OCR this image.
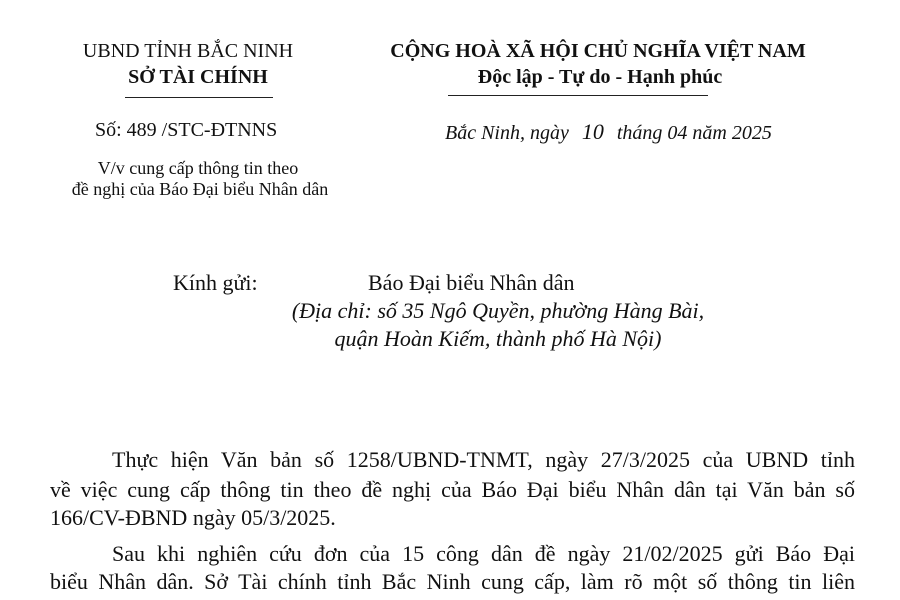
UBND TỈNH BẮC NINH
SỞ TÀI CHÍNH
CỘNG HOÀ XÃ HỘI CHỦ NGHĨA VIỆT NAM
Độc lập - Tự do - Hạnh phúc
Số: 489 /STC-ĐTNNS	Bắc Ninh, ngày 10 tháng 04 năm 2025
V/v cung cấp thông tin theo
đề nghị của Báo Đại biểu Nhân dân
Kính gửi:	Báo Đại biểu Nhân dân
(Địa chỉ: số 35 Ngô Quyền, phường Hàng Bài,
quận Hoàn Kiếm, thành phố Hà Nội)
Thực hiện Văn bản số 1258/UBND-TNMT, ngày 27/3/2025 của UBND tỉnh
về việc cung cấp thông tin theo đề nghị của Báo Đại biểu Nhân dân tại Văn bản số
166/CV-ĐBND ngày 05/3/2025.
Sau khi nghiên cứu đơn của 15 công dân đề ngày 21/02/2025 gửi Báo Đại
biểu Nhân dân. Sở Tài chính tỉnh Bắc Ninh cung cấp, làm rõ một số thông tin liên
